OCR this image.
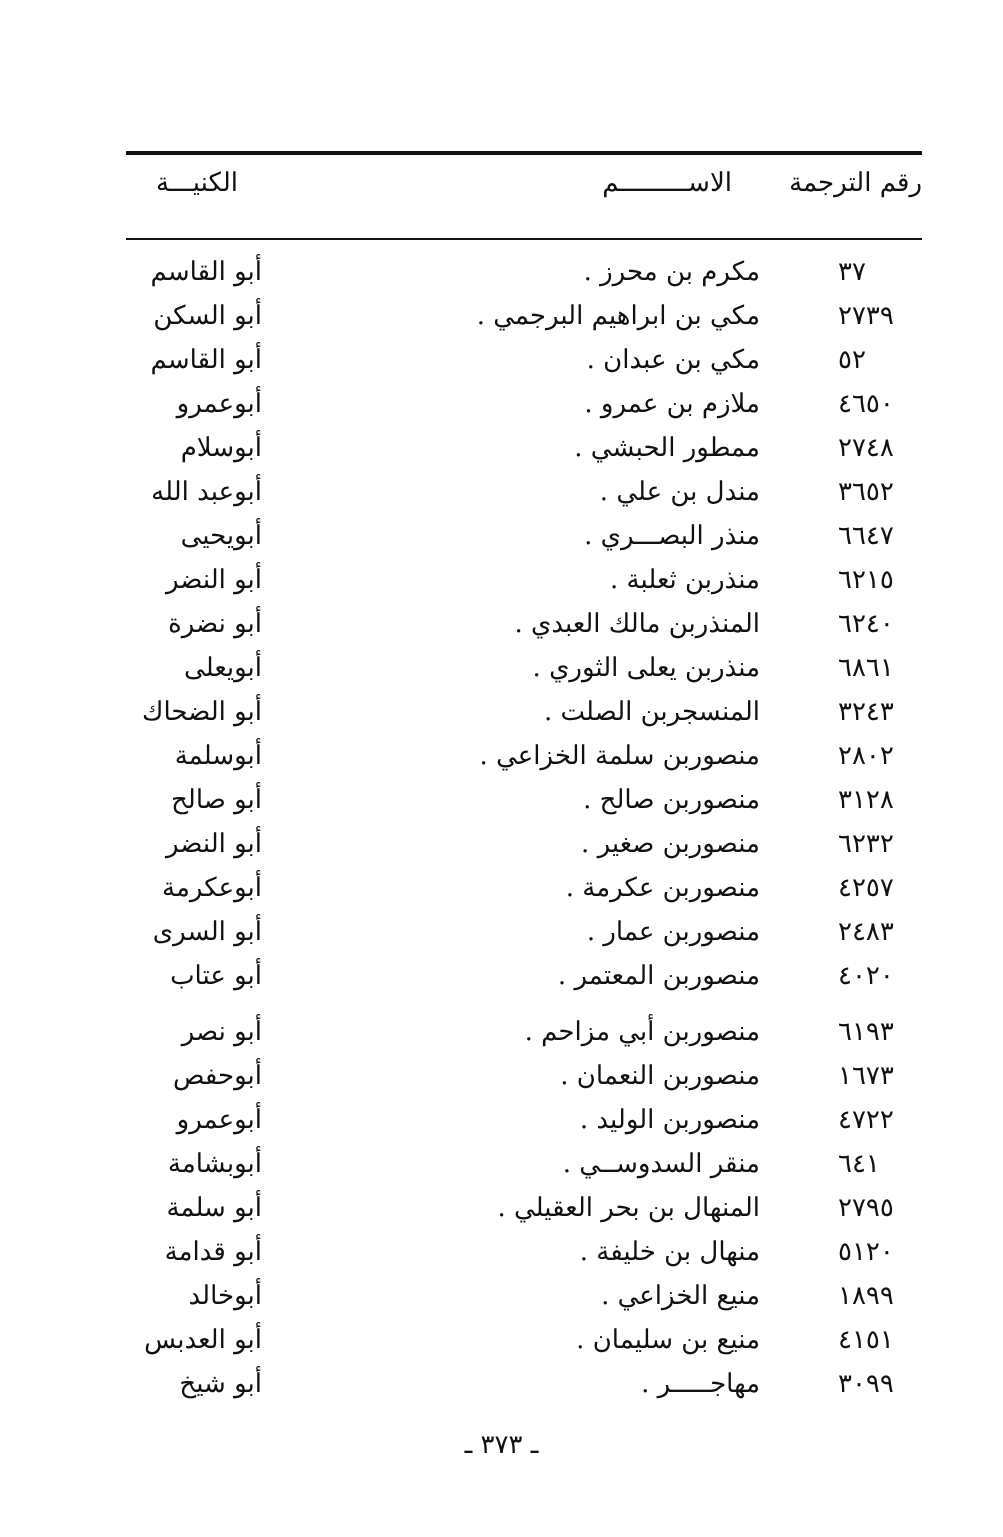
رقم الترجمة
الاســـــــــم
الكنيـــة
٣٧
مكرم بن محرز .
أبو القاسم
٢٧٣٩
مكي بن ابراهيم البرجمي .
أبو السكن
٥٢
مكي بن عبدان .
أبو القاسم
٤٦٥٠
ملازم بن عمرو .
أبوعمرو
٢٧٤٨
ممطور الحبشي .
أبوسلام
٣٦٥٢
مندل بن علي .
أبوعبد الله
٦٦٤٧
منذر البصـــري .
أبويحيى
٦٢١٥
منذربن ثعلبة .
أبو النضر
٦٢٤٠
المنذربن مالك العبدي .
أبو نضرة
٦٨٦١
منذربن يعلى الثوري .
أبويعلى
٣٢٤٣
المنسجربن الصلت .
أبو الضحاك
٢٨٠٢
منصوربن سلمة الخزاعي .
أبوسلمة
٣١٢٨
منصوربن صالح .
أبو صالح
٦٢٣٢
منصوربن صغير .
أبو النضر
٤٢٥٧
منصوربن عكرمة .
أبوعكرمة
٢٤٨٣
منصوربن عمار .
أبو السرى
٤٠٢٠
منصوربن المعتمر .
أبو عتاب
٦١٩٣
منصوربن أبي مزاحم .
أبو نصر
١٦٧٣
منصوربن النعمان .
أبوحفص
٤٧٢٢
منصوربن الوليد .
أبوعمرو
٦٤١
منقر السدوســي .
أبوبشامة
٢٧٩٥
المنهال بن بحر العقيلي .
أبو سلمة
٥١٢٠
منهال بن خليفة .
أبو قدامة
١٨٩٩
منيع الخزاعي .
أبوخالد
٤١٥١
منيع بن سليمان .
أبو العدبس
٣٠٩٩
مهاجـــــر .
أبو شيخ
ـ ٣٧٣ ـ
